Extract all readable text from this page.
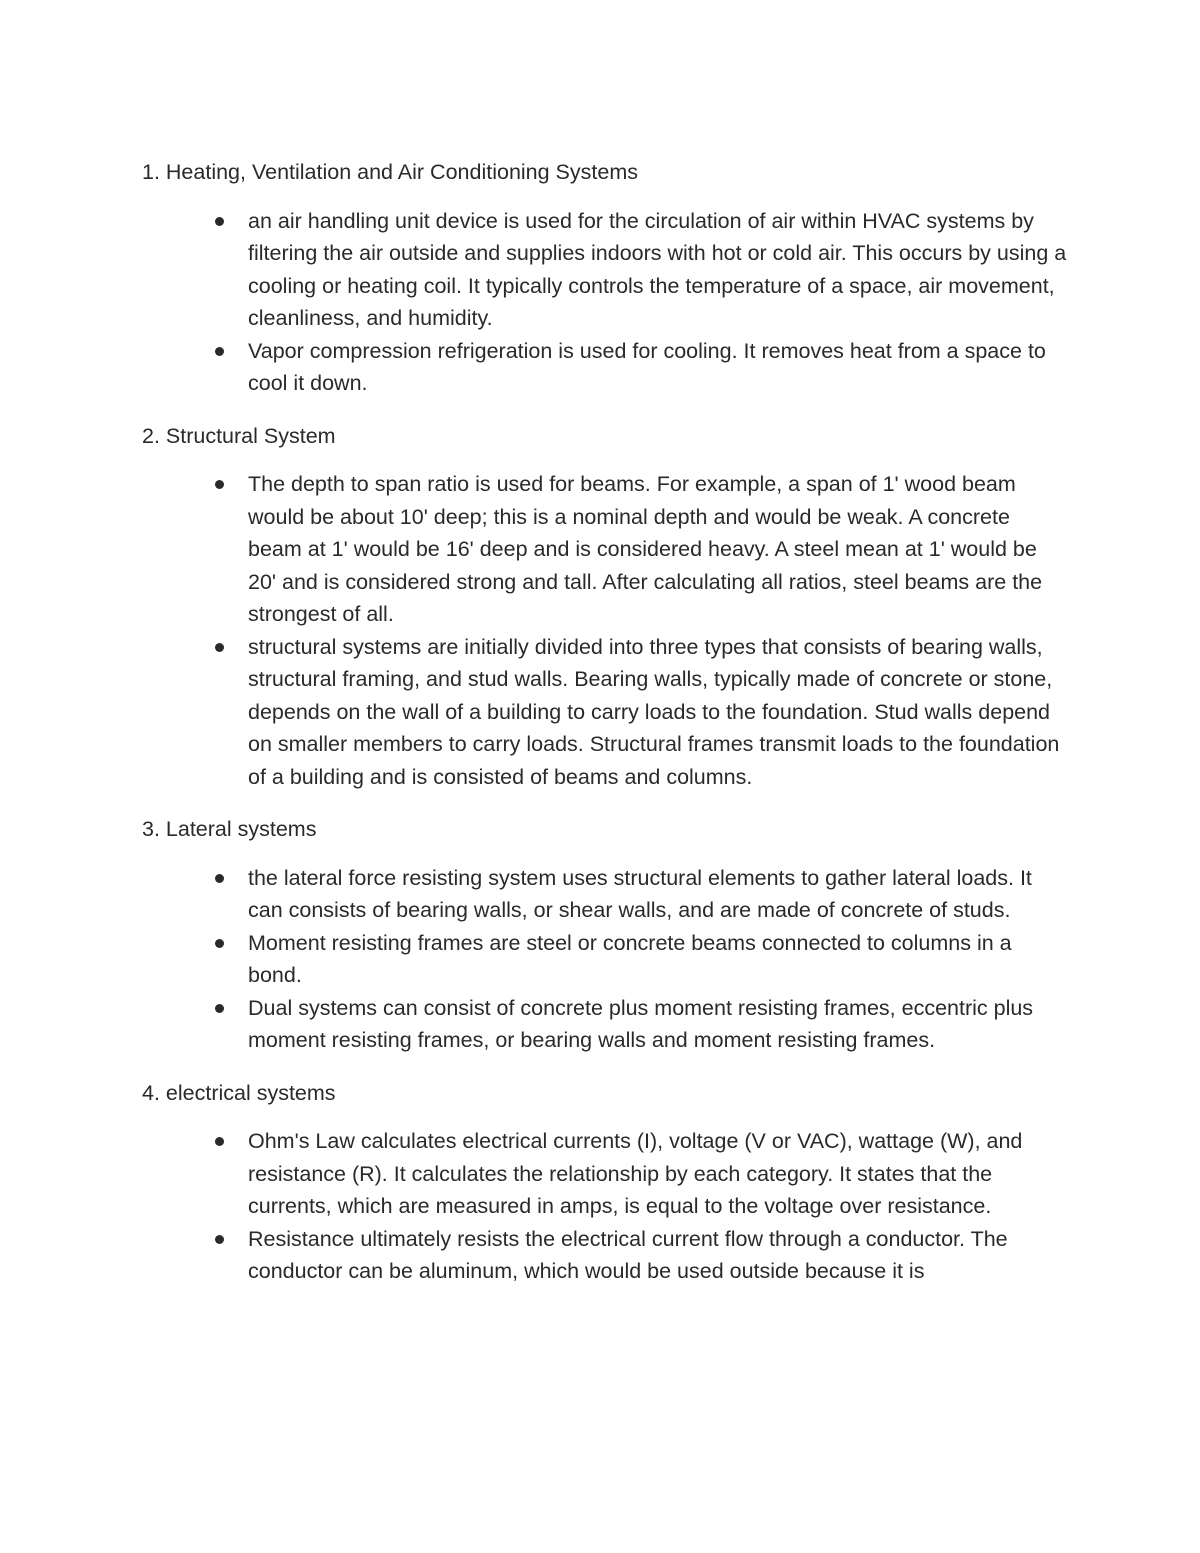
1. Heating, Ventilation and Air Conditioning Systems

an air handling unit device is used for the circulation of air within HVAC systems by filtering the air outside and supplies indoors with hot or cold air. This occurs by using a cooling or heating coil. It typically controls the temperature of a space, air movement, cleanliness, and humidity.
Vapor compression refrigeration is used for cooling. It removes heat from a space to cool it down.

2. Structural System

The depth to span ratio is used for beams. For example, a span of 1' wood beam would be about 10' deep; this is a nominal depth and would be weak. A concrete beam at 1' would be 16' deep and is considered heavy. A steel mean at 1' would be 20' and is considered strong and tall. After calculating all ratios, steel beams are the strongest of all.
structural systems are initially divided into three types that consists of bearing walls, structural framing, and stud walls. Bearing walls, typically made of concrete or stone, depends on the wall of a building to carry loads to the foundation. Stud walls depend on smaller members to carry loads. Structural frames transmit loads to the foundation of a building and is consisted of beams and columns.

3. Lateral systems

the lateral force resisting system uses structural elements to gather lateral loads. It can consists of bearing walls, or shear walls, and are made of concrete of studs.
Moment resisting frames are steel or concrete beams connected to columns in a bond.
Dual systems can consist of concrete plus moment resisting frames, eccentric plus moment resisting frames, or bearing walls and moment resisting frames.

4. electrical systems

Ohm's Law calculates electrical currents (I), voltage (V or VAC), wattage (W), and resistance (R). It calculates the relationship by each category. It states that the currents, which are measured in amps, is equal to the voltage over resistance.
Resistance ultimately resists the electrical current flow through a conductor. The conductor can be aluminum, which would be used outside because it is
